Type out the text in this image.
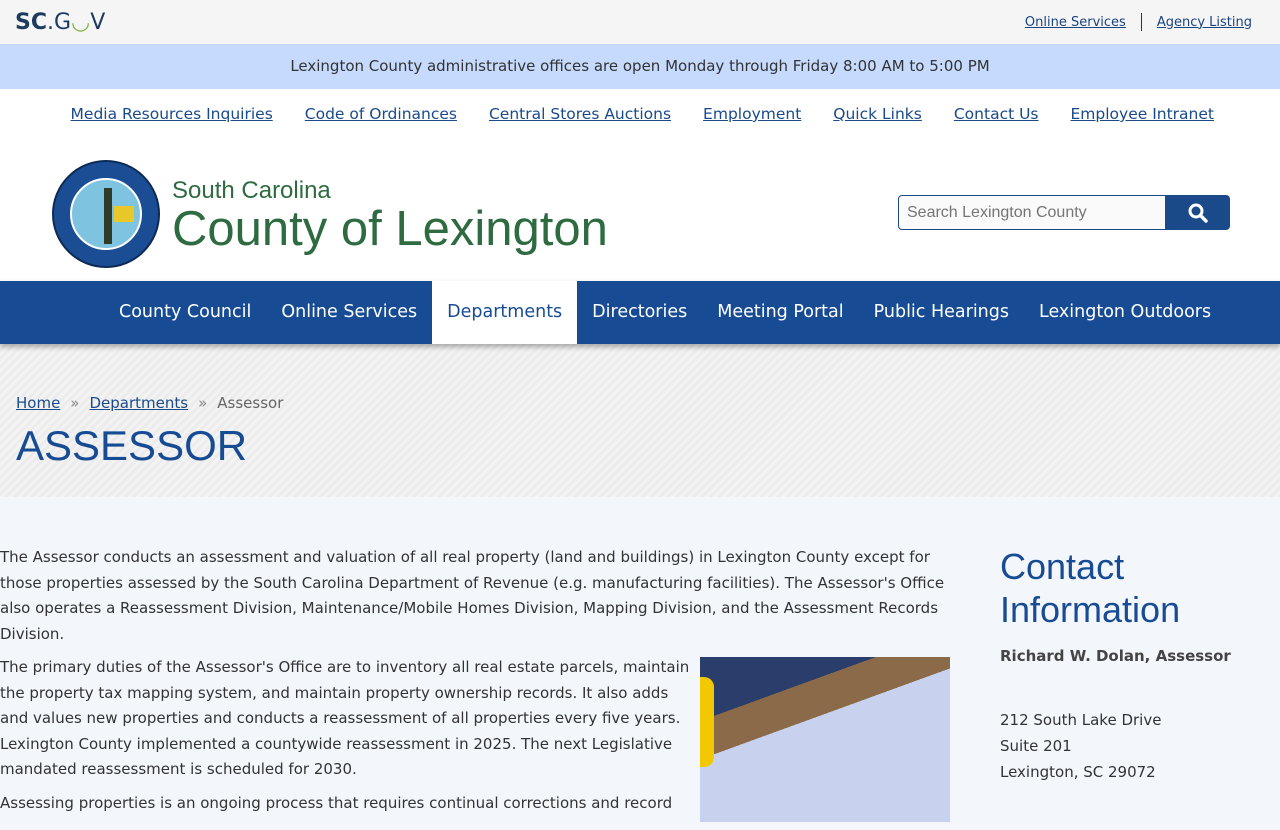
SC.G◡V	Online Services	Agency Listing
Lexington County administrative offices are open Monday through Friday 8:00 AM to 5:00 PM
Media Resources Inquiries Code of Ordinances Central Stores Auctions Employment Quick Links Contact Us Employee Intranet
South Carolina
County of Lexington
Search Lexington County
County Council	Online Services	Departments	Directories	Meeting Portal	Public Hearings	Lexington Outdoors
Home » Departments » Assessor
ASSESSOR

The Assessor conducts an assessment and valuation of all real property (land and buildings) in Lexington County except for those properties assessed by the South Carolina Department of Revenue (e.g. manufacturing facilities). The Assessor's Office also operates a Reassessment Division, Maintenance/Mobile Homes Division, Mapping Division, and the Assessment Records Division.

The primary duties of the Assessor's Office are to inventory all real estate parcels, maintain the property tax mapping system, and maintain property ownership records. It also adds and values new properties and conducts a reassessment of all properties every five years. Lexington County implemented a countywide reassessment in 2025. The next Legislative mandated reassessment is scheduled for 2030.

Assessing properties is an ongoing process that requires continual corrections and record

Contact Information
Richard W. Dolan, Assessor
212 South Lake Drive
Suite 201
Lexington, SC 29072
